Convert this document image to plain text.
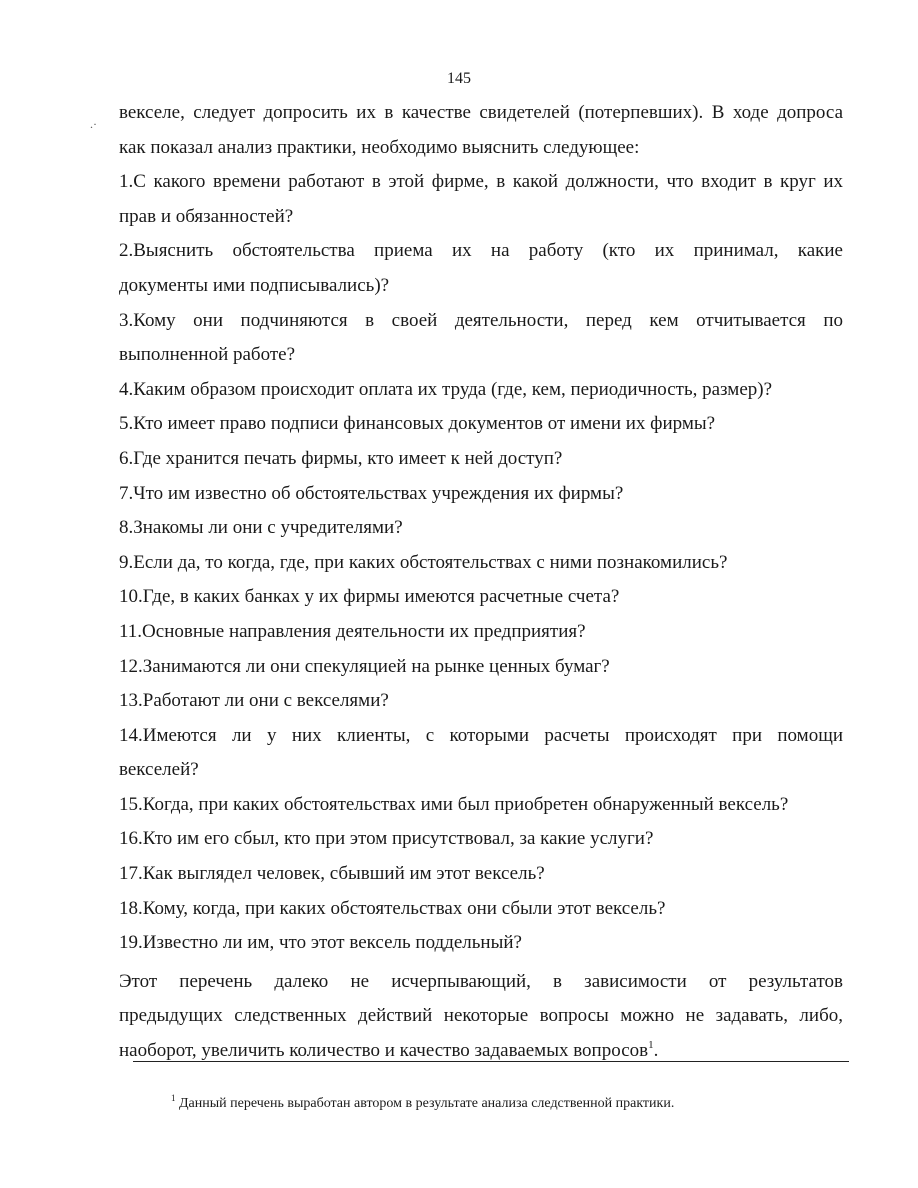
145
.·
векселе, следует допросить их в качестве свидетелей (потерпевших). В ходе допроса
как показал анализ практики, необходимо выяснить следующее:
1.С какого времени работают в этой фирме, в какой должности, что входит в круг их
прав и обязанностей?
2.Выяснить обстоятельства приема их на работу (кто их принимал, какие
документы ими подписывались)?
3.Кому они подчиняются в своей деятельности, перед кем отчитывается по
выполненной работе?
4.Каким образом происходит оплата их труда (где, кем, периодичность, размер)?
5.Кто имеет право подписи финансовых документов от имени их фирмы?
6.Где хранится печать фирмы, кто имеет к ней доступ?
7.Что им известно об обстоятельствах учреждения их фирмы?
8.Знакомы ли они с учредителями?
9.Если да, то когда, где, при каких обстоятельствах с ними познакомились?
10.Где, в каких банках у их фирмы имеются расчетные счета?
11.Основные направления деятельности их предприятия?
12.Занимаются ли они спекуляцией на рынке ценных бумаг?
13.Работают ли они с векселями?
14.Имеются ли у них клиенты, с которыми расчеты происходят при помощи
векселей?
15.Когда, при каких обстоятельствах ими был приобретен обнаруженный вексель?
16.Кто им его сбыл, кто при этом присутствовал, за какие услуги?
17.Как выглядел человек, сбывший им этот вексель?
18.Кому, когда, при каких обстоятельствах они сбыли этот вексель?
19.Известно ли им, что этот вексель поддельный?
Этот перечень далеко не исчерпывающий, в зависимости от результатов
предыдущих следственных действий некоторые вопросы можно не задавать, либо,
наоборот, увеличить количество и качество задаваемых вопросов$^1$.
$^1$ Данный перечень выработан автором в результате анализа следственной практики.
